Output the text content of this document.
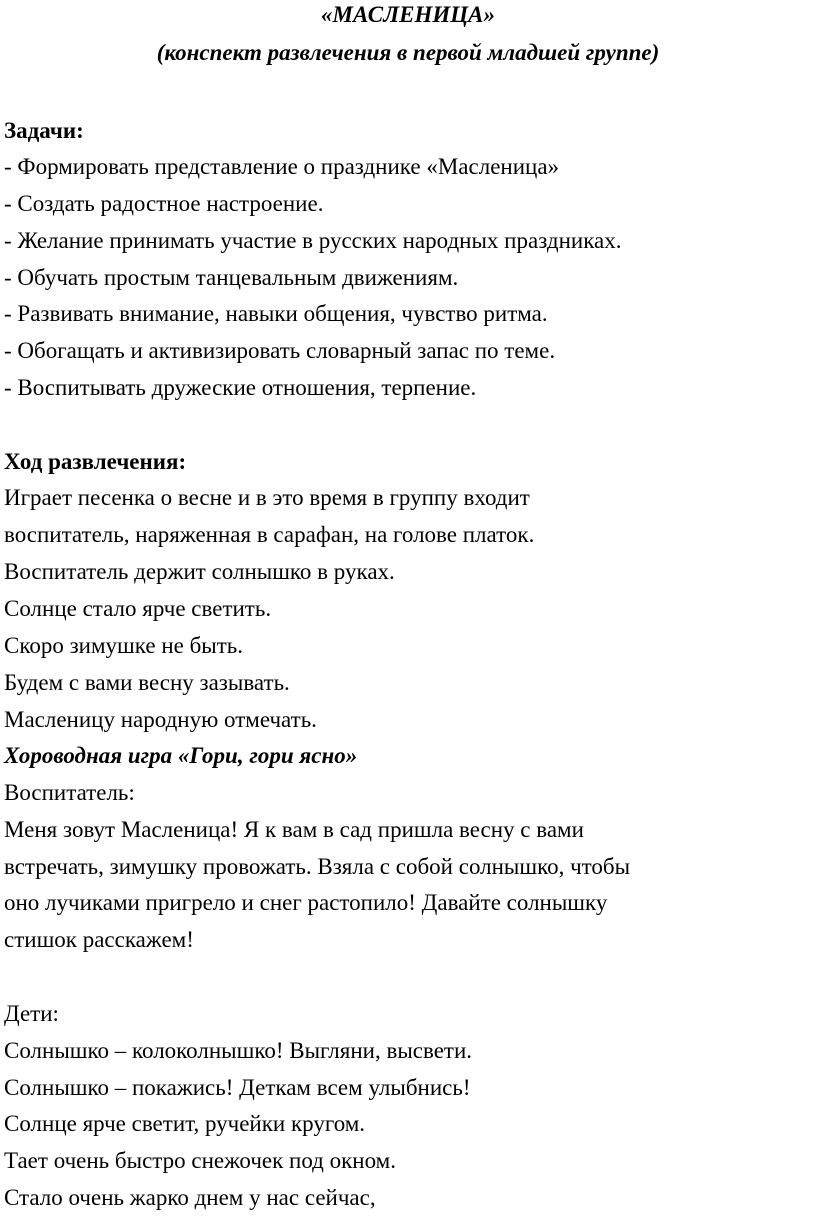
«МАСЛЕНИЦА»
(конспект развлечения в первой младшей группе)
Задачи:
- Формировать представление о празднике «Масленица»
- Создать радостное настроение.
- Желание принимать участие в русских народных праздниках.
- Обучать простым танцевальным движениям.
- Развивать внимание, навыки общения, чувство ритма.
- Обогащать и активизировать словарный запас по теме.
- Воспитывать дружеские отношения, терпение.
Ход развлечения:
Играет песенка о весне и в это время в группу входит
воспитатель, наряженная в сарафан, на голове платок.
Воспитатель держит солнышко в руках.
Солнце стало ярче светить.
Скоро зимушке не быть.
Будем с вами весну зазывать.
Масленицу народную отмечать.
Хороводная игра «Гори, гори ясно»
Воспитатель:
Меня зовут Масленица! Я к вам в сад пришла весну с вами
встречать, зимушку провожать. Взяла с собой солнышко, чтобы
оно лучиками пригрело и снег растопило! Давайте солнышку
стишок расскажем!
Дети:
Солнышко – колоколнышко! Выгляни, высвети.
Солнышко – покажись! Деткам всем улыбнись!
Солнце ярче светит, ручейки кругом.
Тает очень быстро снежочек под окном.
Стало очень жарко днем у нас сейчас,
